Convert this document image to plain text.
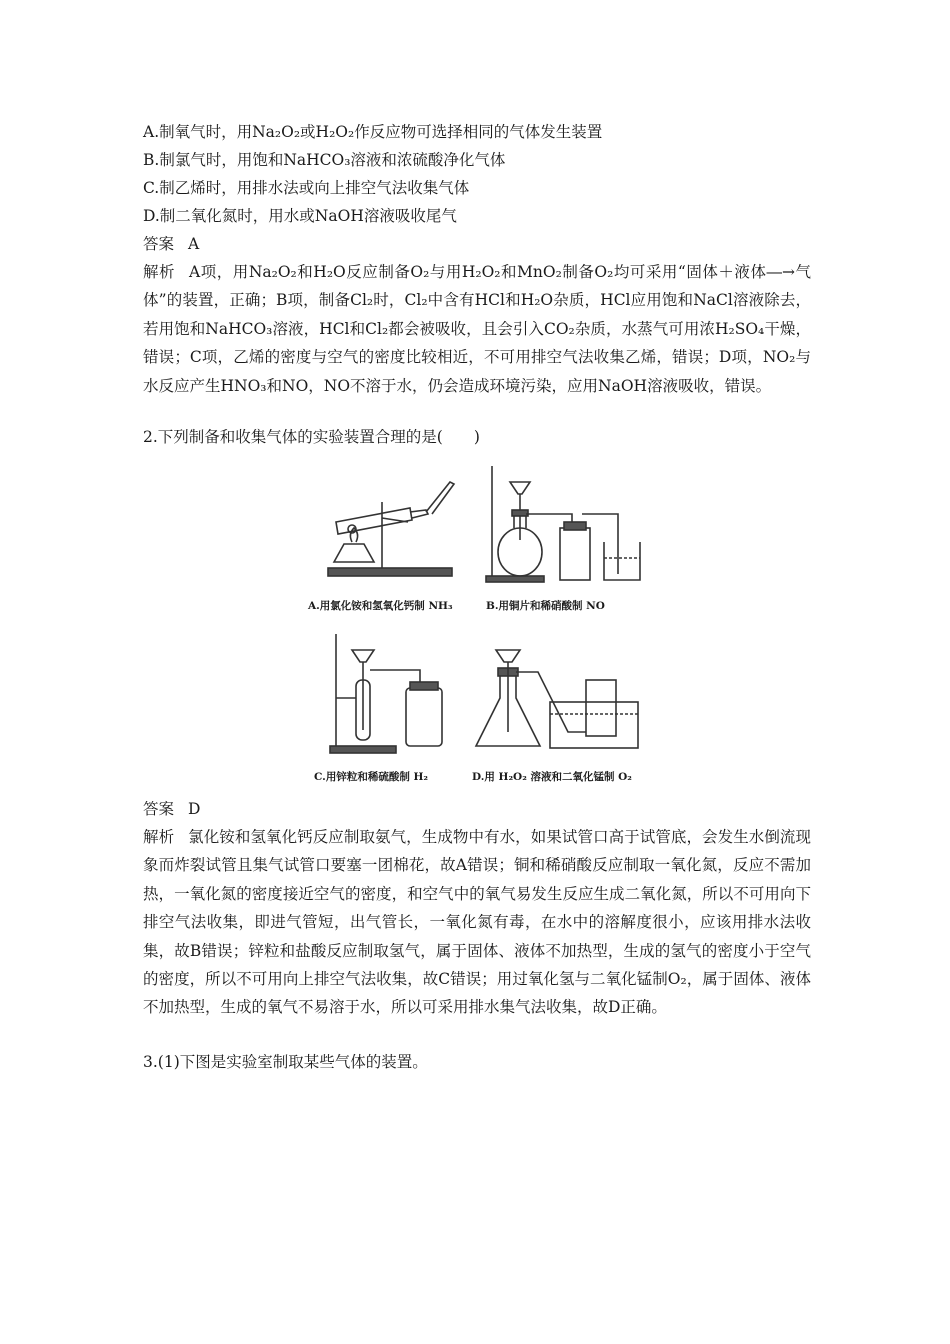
A.制氧气时，用Na₂O₂或H₂O₂作反应物可选择相同的气体发生装置
B.制氯气时，用饱和NaHCO₃溶液和浓硫酸净化气体
C.制乙烯时，用排水法或向上排空气法收集气体
D.制二氧化氮时，用水或NaOH溶液吸收尾气
答案 A
解析 A项，用Na₂O₂和H₂O反应制备O₂与用H₂O₂和MnO₂制备O₂均可采用“固体＋液体―→气体”的装置，正确；B项，制备Cl₂时，Cl₂中含有HCl和H₂O杂质，HCl应用饱和NaCl溶液除去，若用饱和NaHCO₃溶液，HCl和Cl₂都会被吸收，且会引入CO₂杂质，水蒸气可用浓H₂SO₄干燥，错误；C项，乙烯的密度与空气的密度比较相近，不可用排空气法收集乙烯，错误；D项，NO₂与水反应产生HNO₃和NO，NO不溶于水，仍会造成环境污染，应用NaOH溶液吸收，错误。
2.下列制备和收集气体的实验装置合理的是(　　)
A.用氯化铵和氢氧化钙制 NH₃	B.用铜片和稀硝酸制 NO
C.用锌粒和稀硫酸制 H₂	D.用 H₂O₂ 溶液和二氧化锰制 O₂
答案 D
解析 氯化铵和氢氧化钙反应制取氨气，生成物中有水，如果试管口高于试管底，会发生水倒流现象而炸裂试管且集气试管口要塞一团棉花，故A错误；铜和稀硝酸反应制取一氧化氮，反应不需加热，一氧化氮的密度接近空气的密度，和空气中的氧气易发生反应生成二氧化氮，所以不可用向下排空气法收集，即进气管短，出气管长，一氧化氮有毒，在水中的溶解度很小，应该用排水法收集，故B错误；锌粒和盐酸反应制取氢气，属于固体、液体不加热型，生成的氢气的密度小于空气的密度，所以不可用向上排空气法收集，故C错误；用过氧化氢与二氧化锰制O₂，属于固体、液体不加热型，生成的氧气不易溶于水，所以可采用排水集气法收集，故D正确。
3.(1)下图是实验室制取某些气体的装置。
